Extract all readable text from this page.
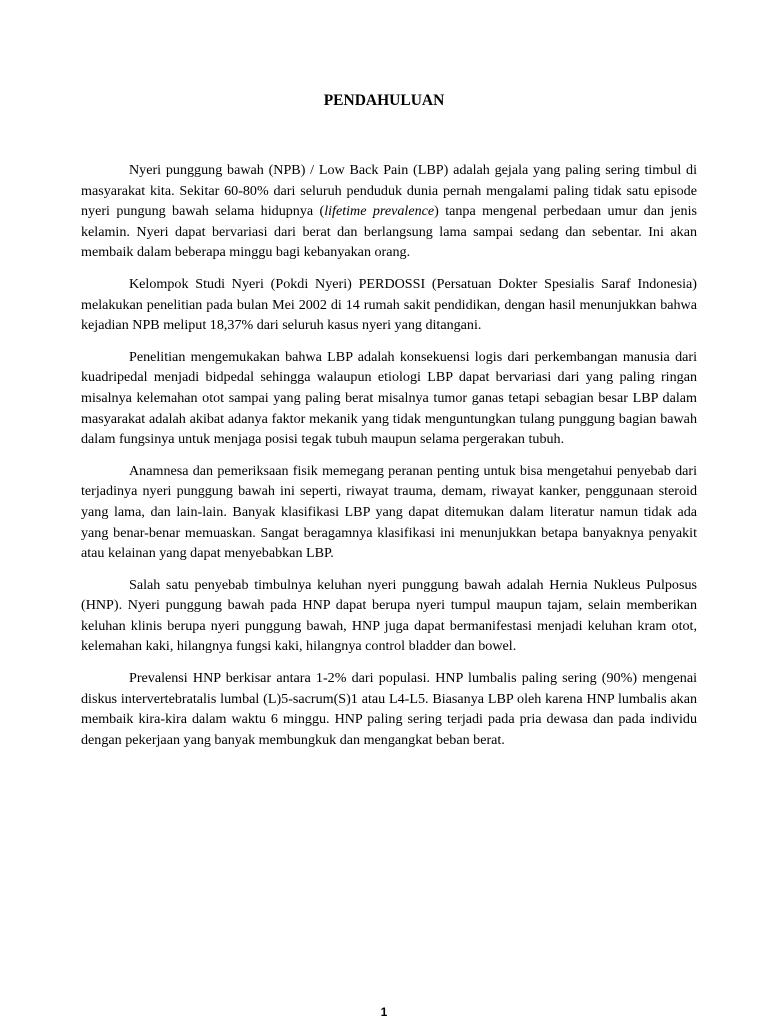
PENDAHULUAN

Nyeri punggung bawah (NPB) / Low Back Pain (LBP) adalah gejala yang paling sering timbul di masyarakat kita. Sekitar 60-80% dari seluruh penduduk dunia pernah mengalami paling tidak satu episode nyeri pungung bawah selama hidupnya (lifetime prevalence) tanpa mengenal perbedaan umur dan jenis kelamin. Nyeri dapat bervariasi dari berat dan berlangsung lama sampai sedang dan sebentar. Ini akan membaik dalam beberapa minggu bagi kebanyakan orang.

Kelompok Studi Nyeri (Pokdi Nyeri) PERDOSSI (Persatuan Dokter Spesialis Saraf Indonesia) melakukan penelitian pada bulan Mei 2002 di 14 rumah sakit pendidikan, dengan hasil menunjukkan bahwa kejadian NPB meliput 18,37% dari seluruh kasus nyeri yang ditangani.

Penelitian mengemukakan bahwa LBP adalah konsekuensi logis dari perkembangan manusia dari kuadripedal menjadi bidpedal sehingga walaupun etiologi LBP dapat bervariasi dari yang paling ringan misalnya kelemahan otot sampai yang paling berat misalnya tumor ganas tetapi sebagian besar LBP dalam masyarakat adalah akibat adanya faktor mekanik yang tidak menguntungkan tulang punggung bagian bawah dalam fungsinya untuk menjaga posisi tegak tubuh maupun selama pergerakan tubuh.

Anamnesa dan pemeriksaan fisik memegang peranan penting untuk bisa mengetahui penyebab dari terjadinya nyeri punggung bawah ini seperti, riwayat trauma, demam, riwayat kanker, penggunaan steroid yang lama, dan lain-lain. Banyak klasifikasi LBP yang dapat ditemukan dalam literatur namun tidak ada yang benar-benar memuaskan. Sangat beragamnya klasifikasi ini menunjukkan betapa banyaknya penyakit atau kelainan yang dapat menyebabkan LBP.

Salah satu penyebab timbulnya keluhan nyeri punggung bawah adalah Hernia Nukleus Pulposus (HNP). Nyeri punggung bawah pada HNP dapat berupa nyeri tumpul maupun tajam, selain memberikan keluhan klinis berupa nyeri punggung bawah, HNP juga dapat bermanifestasi menjadi keluhan kram otot, kelemahan kaki, hilangnya fungsi kaki, hilangnya control bladder dan bowel.

Prevalensi HNP berkisar antara 1-2% dari populasi. HNP lumbalis paling sering (90%) mengenai diskus intervertebratalis lumbal (L)5-sacrum(S)1 atau L4-L5. Biasanya LBP oleh karena HNP lumbalis akan membaik kira-kira dalam waktu 6 minggu. HNP paling sering terjadi pada pria dewasa dan pada individu dengan pekerjaan yang banyak membungkuk dan mengangkat beban berat.

1
